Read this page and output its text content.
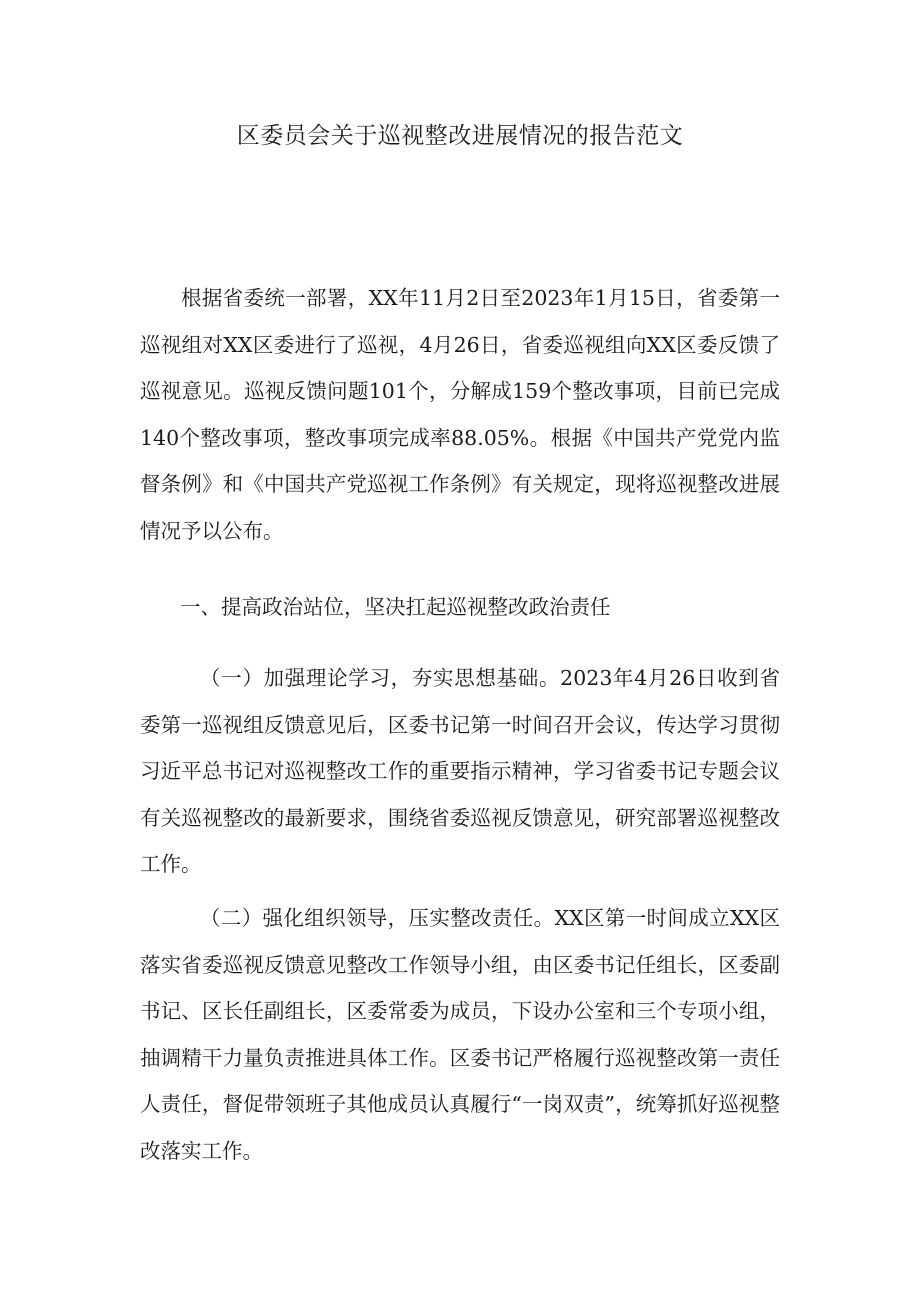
区委员会关于巡视整改进展情况的报告范文

根据省委统一部署，XX年11月2日至2023年1月15日，省委第一巡视组对XX区委进行了巡视，4月26日，省委巡视组向XX区委反馈了巡视意见。巡视反馈问题101个，分解成159个整改事项，目前已完成140个整改事项，整改事项完成率88.05%。根据《中国共产党党内监督条例》和《中国共产党巡视工作条例》有关规定，现将巡视整改进展情况予以公布。

一、提高政治站位，坚决扛起巡视整改政治责任

（一）加强理论学习，夯实思想基础。2023年4月26日收到省委第一巡视组反馈意见后，区委书记第一时间召开会议，传达学习贯彻习近平总书记对巡视整改工作的重要指示精神，学习省委书记专题会议有关巡视整改的最新要求，围绕省委巡视反馈意见，研究部署巡视整改工作。

（二）强化组织领导，压实整改责任。XX区第一时间成立XX区落实省委巡视反馈意见整改工作领导小组，由区委书记任组长，区委副书记、区长任副组长，区委常委为成员，下设办公室和三个专项小组，抽调精干力量负责推进具体工作。区委书记严格履行巡视整改第一责任人责任，督促带领班子其他成员认真履行“一岗双责”，统筹抓好巡视整改落实工作。
